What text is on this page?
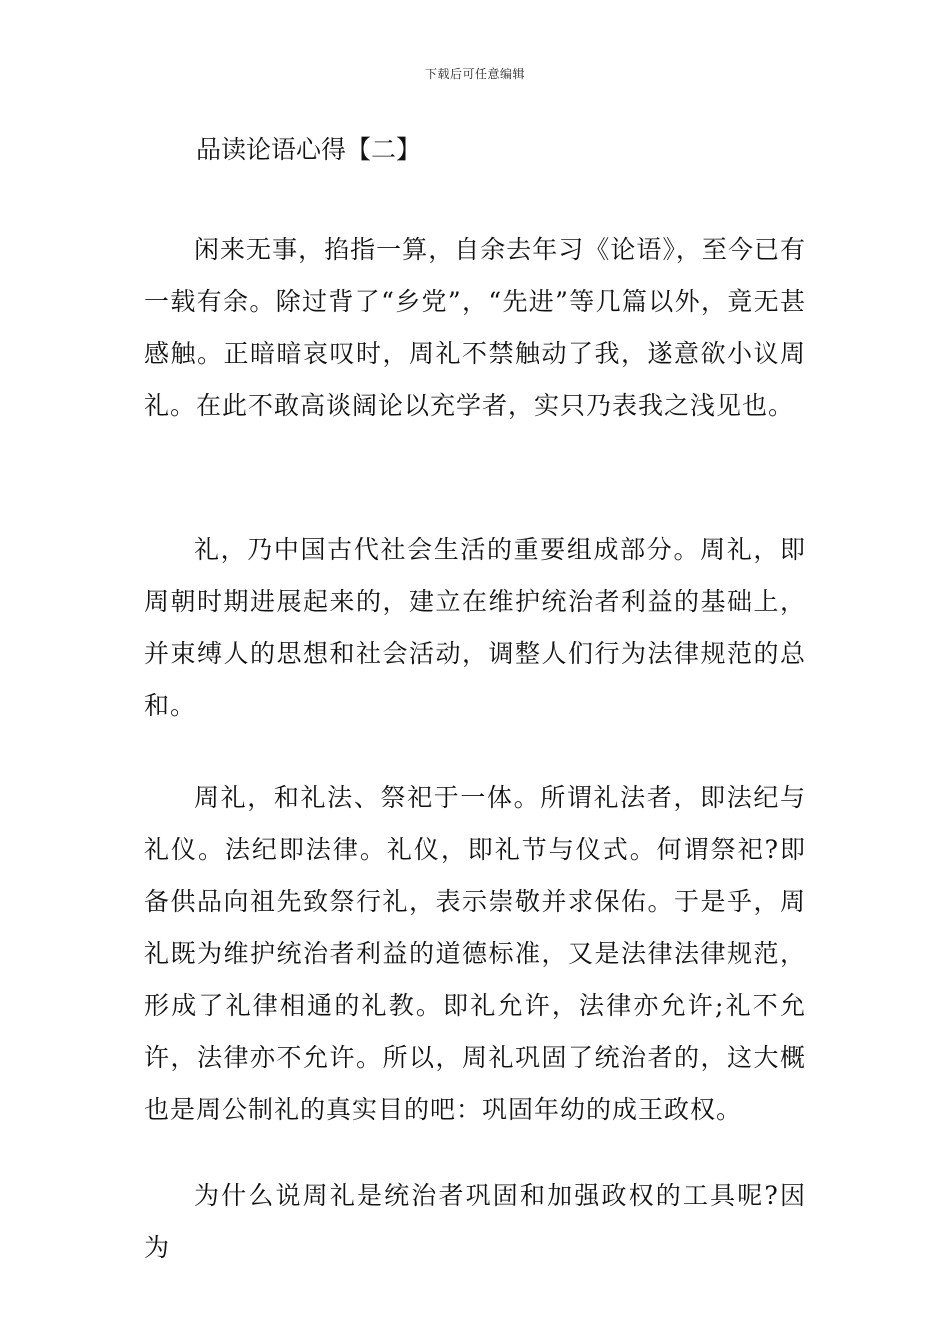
下载后可任意编辑
品读论语心得【二】

闲来无事，掐指一算，自余去年习《论语》，至今已有一载有余。除过背了“乡党”，“先进”等几篇以外，竟无甚感触。正暗暗哀叹时，周礼不禁触动了我，遂意欲小议周礼。在此不敢高谈阔论以充学者，实只乃表我之浅见也。

礼，乃中国古代社会生活的重要组成部分。周礼，即周朝时期进展起来的，建立在维护统治者利益的基础上，并束缚人的思想和社会活动，调整人们行为法律规范的总和。

周礼，和礼法、祭祀于一体。所谓礼法者，即法纪与礼仪。法纪即法律。礼仪，即礼节与仪式。何谓祭祀?即备供品向祖先致祭行礼，表示崇敬并求保佑。于是乎，周礼既为维护统治者利益的道德标准，又是法律法律规范，形成了礼律相通的礼教。即礼允许，法律亦允许;礼不允许，法律亦不允许。所以，周礼巩固了统治者的，这大概也是周公制礼的真实目的吧：巩固年幼的成王政权。

为什么说周礼是统治者巩固和加强政权的工具呢?因为
